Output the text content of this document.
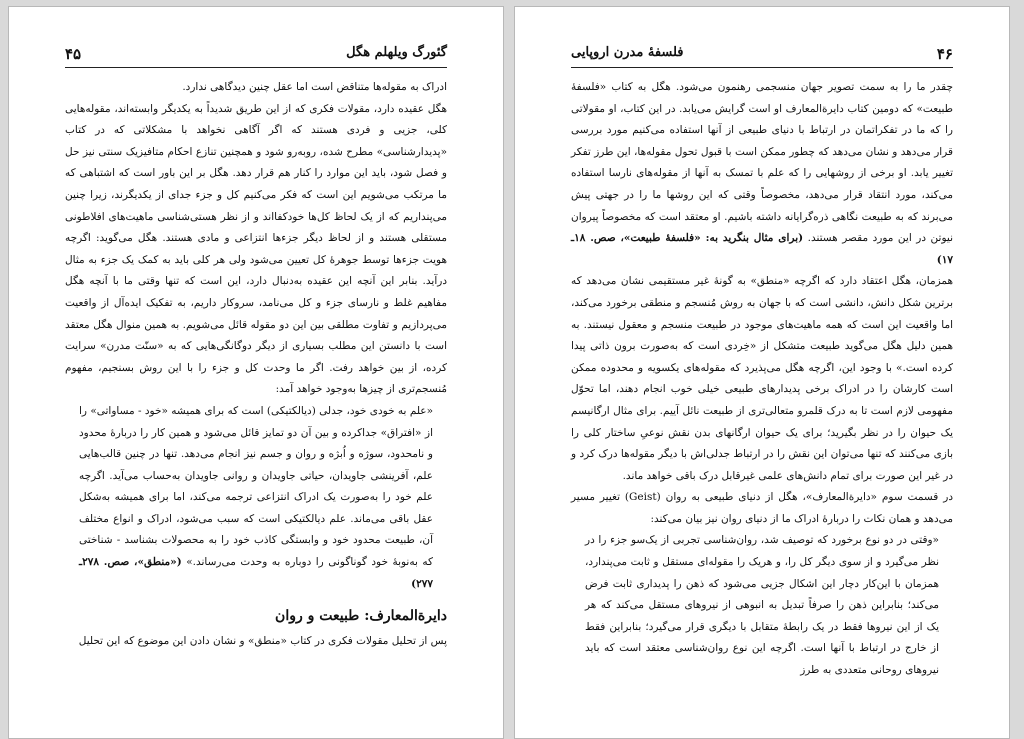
۴۵	گئورگ ویلهلم هگل

ادراک به مقوله‌ها متناقض است اما عقل چنین دیدگاهی ندارد.

هگل عقیده دارد، مقولات فکری که از این طریق شدیداً به یکدیگر وابسته‌اند، مقوله‌هایی کلی، جزیی و فردی هستند که اگر آگاهی نخواهد با مشکلاتی که در کتاب «پدیدارشناسی» مطرح شده، روبه‌رو شود و همچنین تنازع احکام متافیزیک سنتی نیز حل و فصل شود، باید این موارد را کنار هم قرار دهد. هگل بر این باور است که اشتباهی که ما مرتکب می‌شویم این است که فکر می‌کنیم کل و جزء جدای از یکدیگرند، زیرا چنین می‌پنداریم که از یک لحاظ کل‌ها خودکفااند و از نظر هستی‌شناسی ماهیت‌های افلاطونی مستقلی هستند و از لحاظ دیگر جزءها انتزاعی و مادی هستند. هگل می‌گوید: اگرچه هویت جزءها توسط جوهرهٔ کل تعیین می‌شود ولی هر کلی باید به کمک یک جزء به مثال درآید. بنابر این آنچه این عقیده به‌دنبال دارد، این است که تنها وقتی ما با آنچه هگل مفاهیم غلط و نارسای جزء و کل می‌نامد، سروکار داریم، به تفکیک ایده‌آل از واقعیت می‌پردازیم و تفاوت مطلقی بین این دو مقوله قائل می‌شویم. به همین منوال هگل معتقد است با دانستن این مطلب بسیاری از دیگر دوگانگی‌هایی که به «سنّت مدرن» سرایت کرده، از بین خواهد رفت. اگر ما وحدت کل و جزء را با این روش بسنجیم، مفهوم مُنسجم‌تری از چیزها به‌وجود خواهد آمد:

«علم به خودی خود، جدلی (دیالکتیکی) است که برای همیشه «خود - مساواتی» را از «افتراق» جداکرده و بین آن دو تمایز قائل می‌شود و همین کار را دربارهٔ محدود و نامحدود، سوژه و اُبژه و روان و جسم نیز انجام می‌دهد. تنها در چنین قالب‌هایی علم، آفرینشی جاویدان، حیاتی جاویدان و روانی جاویدان به‌حساب می‌آید. اگرچه علم خود را به‌صورت یک ادراک انتزاعی ترجمه می‌کند، اما برای همیشه به‌شکل عقل باقی می‌ماند. علم دیالکتیکی است که سبب می‌شود، ادراک و انواع مختلف آن، طبیعت محدود خود و وابستگی کاذب خود را به محصولات بشناسد - شناختی که به‌نوبهٔ خود گوناگونی را دوباره به وحدت می‌رساند.» («منطق»، صص. ۲۷۸ـ ۲۷۷)
دایرة‌المعارف: طبیعت و روان

پس از تحلیل مقولات فکری در کتاب «منطق» و نشان دادن این موضوع که این تحلیل

۴۶
فلسفهٔ مدرن اروپایی

چقدر ما را به سمت تصویر جهان منسجمی رهنمون می‌شود. هگل به کتاب «فلسفهٔ طبیعت» که دومین کتاب دایرة‌المعارف او است گرایش می‌یابد. در این کتاب، او مقولاتی را که ما در تفکراتمان در ارتباط با دنیای طبیعی از آنها استفاده می‌کنیم مورد بررسی قرار می‌دهد و نشان می‌دهد که چطور ممکن است با قبول تحول مقوله‌ها، این طرز تفکر تغییر یابد. او برخی از روشهایی را که علم با تمسک به آنها از مقوله‌های نارسا استفاده می‌کند، مورد انتقاد قرار می‌دهد، مخصوصاً وقتی که این روشها ما را در جهتی پیش می‌برند که به طبیعت نگاهی ذره‌گرایانه داشته باشیم. او معتقد است که مخصوصاً پیروان نیوتن در این مورد مقصر هستند. (برای مثال بنگرید به: «فلسفهٔ طبیعت»، صص. ۱۸ـ ۱۷)

همزمان، هگل اعتقاد دارد که اگرچه «منطق» به گونهٔ غیر مستقیمی نشان می‌دهد که برترین شکل دانش، دانشی است که با جهان به روش مُنسجم و منطقی برخورد می‌کند، اما واقعیت این است که همه ماهیت‌های موجود در طبیعت منسجم و معقول نیستند. به همین دلیل هگل می‌گوید طبیعت متشکل از «خِردی است که به‌صورت برون ذاتی پیدا کرده است.» با وجود این، اگرچه هگل می‌پذیرد که مقوله‌های یکسویه و محدوده ممکن است کارشان را در ادراک برخی پدیدارهای طبیعی خیلی خوب انجام دهند، اما تحوّل مفهومی لازم است تا به درک قلمرو متعالی‌تری از طبیعت نائل آییم. برای مثال ارگانیسم یک حیوان را در نظر بگیرید؛ برای یک حیوان ارگانهای بدن نقش نوعیِ ساختار کلی را بازی می‌کنند که تنها می‌توان این نقش را در ارتباط جدلی‌اش با دیگر مقوله‌ها درک کرد و در غیر این صورت برای تمام دانش‌های علمی غیرقابل درک باقی خواهد ماند.

در قسمت سوم «دایرة‌المعارف»، هگل از دنیای طبیعی به روان (Geist) تغییر مسیر می‌دهد و همان نکات را دربارهٔ ادراک ما از دنیای روان نیز بیان می‌کند:

«وقتی در دو نوع برخورد که توصیف شد، روان‌شناسی تجربی از یک‌سو جزء را در نظر می‌گیرد و از سوی دیگر کل را، و هریک را مقوله‌ای مستقل و ثابت می‌پندارد، همزمان با این‌کار دچار این اشکال جزیی می‌شود که ذهن را پدیداری ثابت فرض می‌کند؛ بنابراین ذهن را صرفاً تبدیل به انبوهی از نیروهای مستقل می‌کند که هر یک از این نیروها فقط در یک رابطهٔ متقابل با دیگری قرار می‌گیرد؛ بنابراین فقط از خارج در ارتباط با آنها است. اگرچه این نوع روان‌شناسی معتقد است که باید نیروهای روحانی متعددی به طرز
